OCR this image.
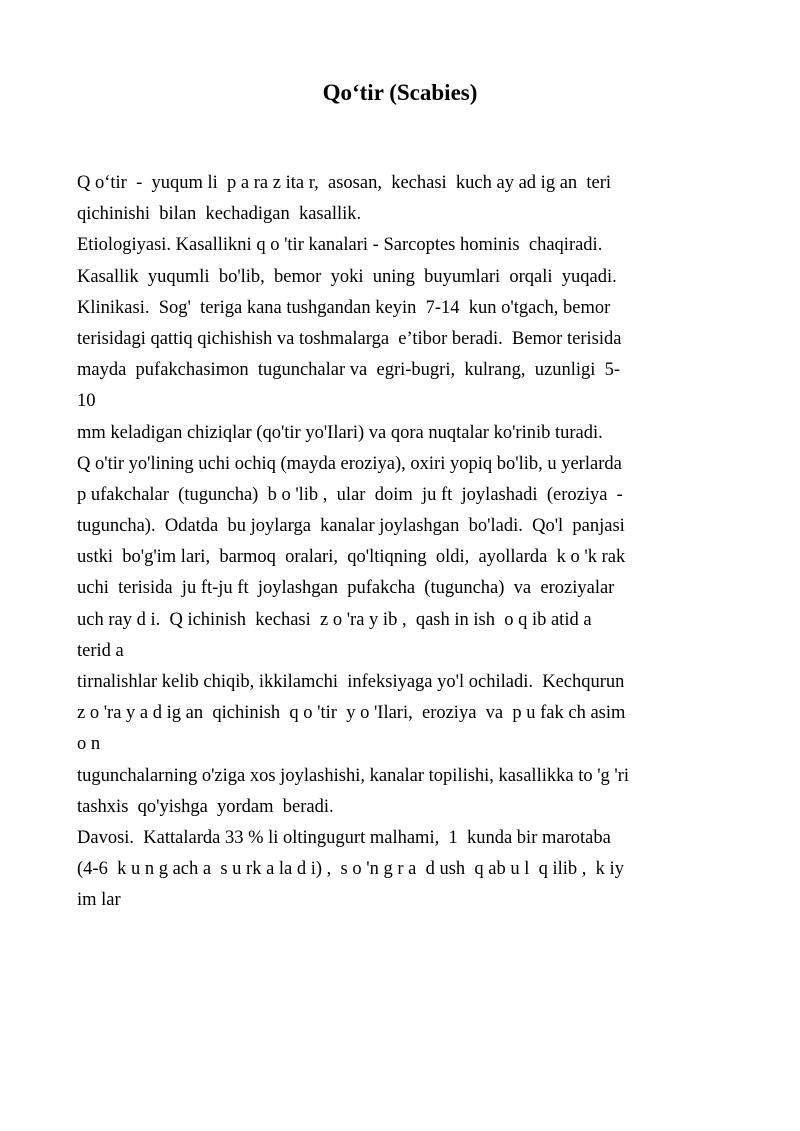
Qo‘tir (Scabies)
Q o‘tir  -  yuqum li  p a ra z ita r,  asosan,  kechasi  kuch ay ad ig an  teri
qichinishi  bilan  kechadigan  kasallik.
Etiologiyasi. Kasallikni q o 'tir kanalari - Sarcoptes hominis  chaqiradi.
Kasallik  yuqumli  bo'lib,  bemor  yoki  uning  buyumlari  orqali  yuqadi.
Klinikasi.  Sog'  teriga kana tushgandan keyin  7-14  kun o'tgach, bemor
terisidagi qattiq qichishish va toshmalarga  e’tibor beradi.  Bemor terisida
mayda  pufakchasimon  tugunchalar va  egri-bugri,  kulrang,  uzunligi  5-
10
mm keladigan chiziqlar (qo'tir yo'Ilari) va qora nuqtalar ko'rinib turadi.
Q o'tir yo'lining uchi ochiq (mayda eroziya), oxiri yopiq bo'lib, u yerlarda
p ufakchalar  (tuguncha)  b o 'lib ,  ular  doim  ju ft  joylashadi  (eroziya  -
tuguncha).  Odatda  bu joylarga  kanalar joylashgan  bo'ladi.  Qo'l  panjasi
ustki  bo'g'im lari,  barmoq  oralari,  qo'ltiqning  oldi,  ayollarda  k o 'k rak
uchi  terisida  ju ft-ju ft  joylashgan  pufakcha  (tuguncha)  va  eroziyalar
uch ray d i.  Q ichinish  kechasi  z o 'ra y ib ,  qash in ish  o q ib atid a
terid a
tirnalishlar kelib chiqib, ikkilamchi  infeksiyaga yo'l ochiladi.  Kechqurun
z o 'ra y a d ig an  qichinish  q o 'tir  y o 'Ilari,  eroziya  va  p u fak ch asim
o n
tugunchalarning o'ziga xos joylashishi, kanalar topilishi, kasallikka to 'g 'ri
tashxis  qo'yishga  yordam  beradi.
Davosi.  Kattalarda 33 % li oltingugurt malhami,  1  kunda bir marotaba
(4-6  k u n g ach a  s u rk a la d i) ,  s o 'n g r a  d ush  q ab u l  q ilib ,  k iy
im lar
